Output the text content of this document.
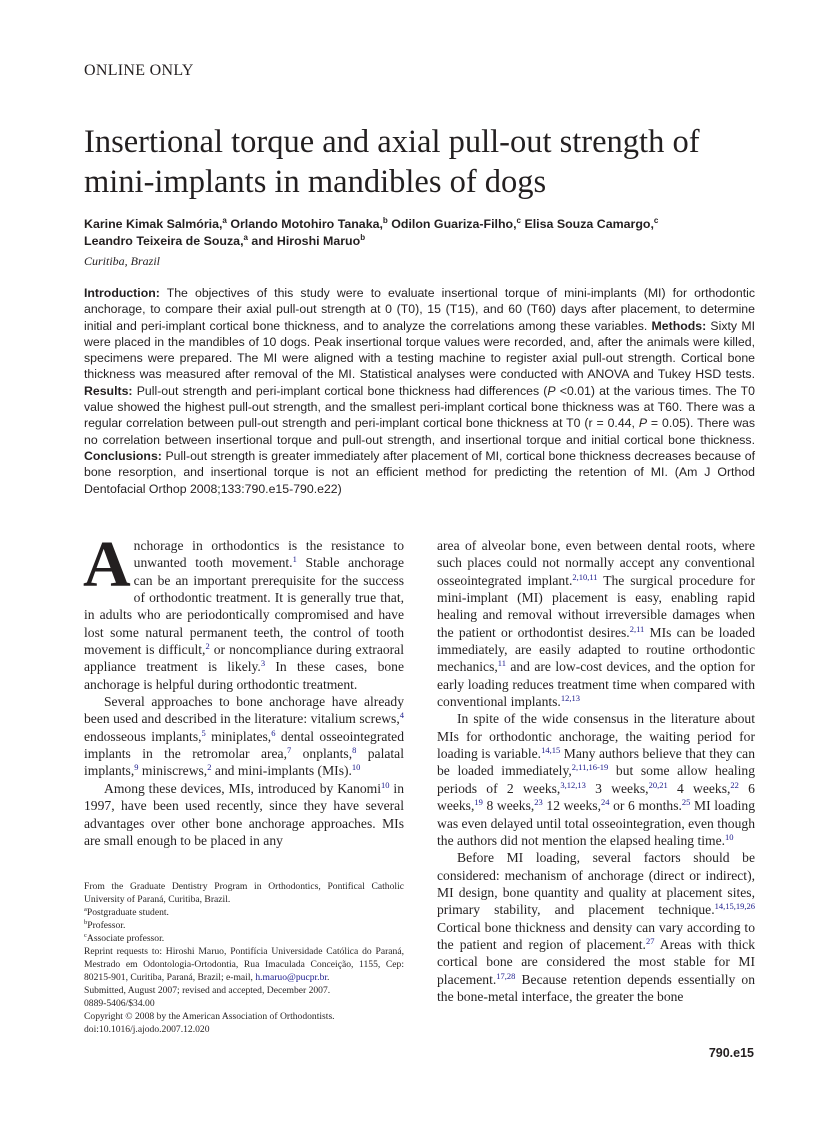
ONLINE ONLY
Insertional torque and axial pull-out strength of mini-implants in mandibles of dogs
Karine Kimak Salmória,$^a$ Orlando Motohiro Tanaka,$^b$ Odilon Guariza-Filho,$^c$ Elisa Souza Camargo,$^c$
Leandro Teixeira de Souza,$^a$ and Hiroshi Maruo$^b$
Curitiba, Brazil
Introduction: The objectives of this study were to evaluate insertional torque of mini-implants (MI) for orthodontic anchorage, to compare their axial pull-out strength at 0 (T0), 15 (T15), and 60 (T60) days after placement, to determine initial and peri-implant cortical bone thickness, and to analyze the correlations among these variables. Methods: Sixty MI were placed in the mandibles of 10 dogs. Peak insertional torque values were recorded, and, after the animals were killed, specimens were prepared. The MI were aligned with a testing machine to register axial pull-out strength. Cortical bone thickness was measured after removal of the MI. Statistical analyses were conducted with ANOVA and Tukey HSD tests. Results: Pull-out strength and peri-implant cortical bone thickness had differences (P <0.01) at the various times. The T0 value showed the highest pull-out strength, and the smallest peri-implant cortical bone thickness was at T60. There was a regular correlation between pull-out strength and peri-implant cortical bone thickness at T0 (r = 0.44, P = 0.05). There was no correlation between insertional torque and pull-out strength, and insertional torque and initial cortical bone thickness. Conclusions: Pull-out strength is greater immediately after placement of MI, cortical bone thickness decreases because of bone resorption, and insertional torque is not an efficient method for predicting the retention of MI. (Am J Orthod Dentofacial Orthop 2008;133:790.e15-790.e22)
A nchorage in orthodontics is the resistance to unwanted tooth movement.$^1$ Stable anchorage can be an important prerequisite for the success of orthodontic treatment. It is generally true that, in adults who are periodontically compromised and have lost some natural permanent teeth, the control of tooth movement is difficult,$^2$ or noncompliance during extraoral appliance treatment is likely.$^3$ In these cases, bone anchorage is helpful during orthodontic treatment.

Several approaches to bone anchorage have already been used and described in the literature: vitalium screws,$^4$ endosseous implants,$^5$ miniplates,$^6$ dental osseointegrated implants in the retromolar area,$^7$ onplants,$^8$ palatal implants,$^9$ miniscrews,$^2$ and mini-implants (MIs).$^{10}$

Among these devices, MIs, introduced by Kanomi$^{10}$ in 1997, have been used recently, since they have several advantages over other bone anchorage approaches. MIs are small enough to be placed in any

area of alveolar bone, even between dental roots, where such places could not normally accept any conventional osseointegrated implant.$^{2,10,11}$ The surgical procedure for mini-implant (MI) placement is easy, enabling rapid healing and removal without irreversible damages when the patient or orthodontist desires.$^{2,11}$ MIs can be loaded immediately, are easily adapted to routine orthodontic mechanics,$^{11}$ and are low-cost devices, and the option for early loading reduces treatment time when compared with conventional implants.$^{12,13}$

In spite of the wide consensus in the literature about MIs for orthodontic anchorage, the waiting period for loading is variable.$^{14,15}$ Many authors believe that they can be loaded immediately,$^{2,11,16-19}$ but some allow healing periods of 2 weeks,$^{3,12,13}$ 3 weeks,$^{20,21}$ 4 weeks,$^{22}$ 6 weeks,$^{19}$ 8 weeks,$^{23}$ 12 weeks,$^{24}$ or 6 months.$^{25}$ MI loading was even delayed until total osseointegration, even though the authors did not mention the elapsed healing time.$^{10}$

Before MI loading, several factors should be considered: mechanism of anchorage (direct or indirect), MI design, bone quantity and quality at placement sites, primary stability, and placement technique.$^{14,15,19,26}$ Cortical bone thickness and density can vary according to the patient and region of placement.$^{27}$ Areas with thick cortical bone are considered the most stable for MI placement.$^{17,28}$ Because retention depends essentially on the bone-metal interface, the greater the bone

From the Graduate Dentistry Program in Orthodontics, Pontifical Catholic University of Paraná, Curitiba, Brazil.
$^a$Postgraduate student.
$^b$Professor.
$^c$Associate professor.
Reprint requests to: Hiroshi Maruo, Pontifícia Universidade Católica do Paraná, Mestrado em Odontologia-Ortodontia, Rua Imaculada Conceição, 1155, Cep: 80215-901, Curitiba, Paraná, Brazil; e-mail, h.maruo@pucpr.br.
Submitted, August 2007; revised and accepted, December 2007.
0889-5406/$34.00
Copyright © 2008 by the American Association of Orthodontists.
doi:10.1016/j.ajodo.2007.12.020
790.e15
